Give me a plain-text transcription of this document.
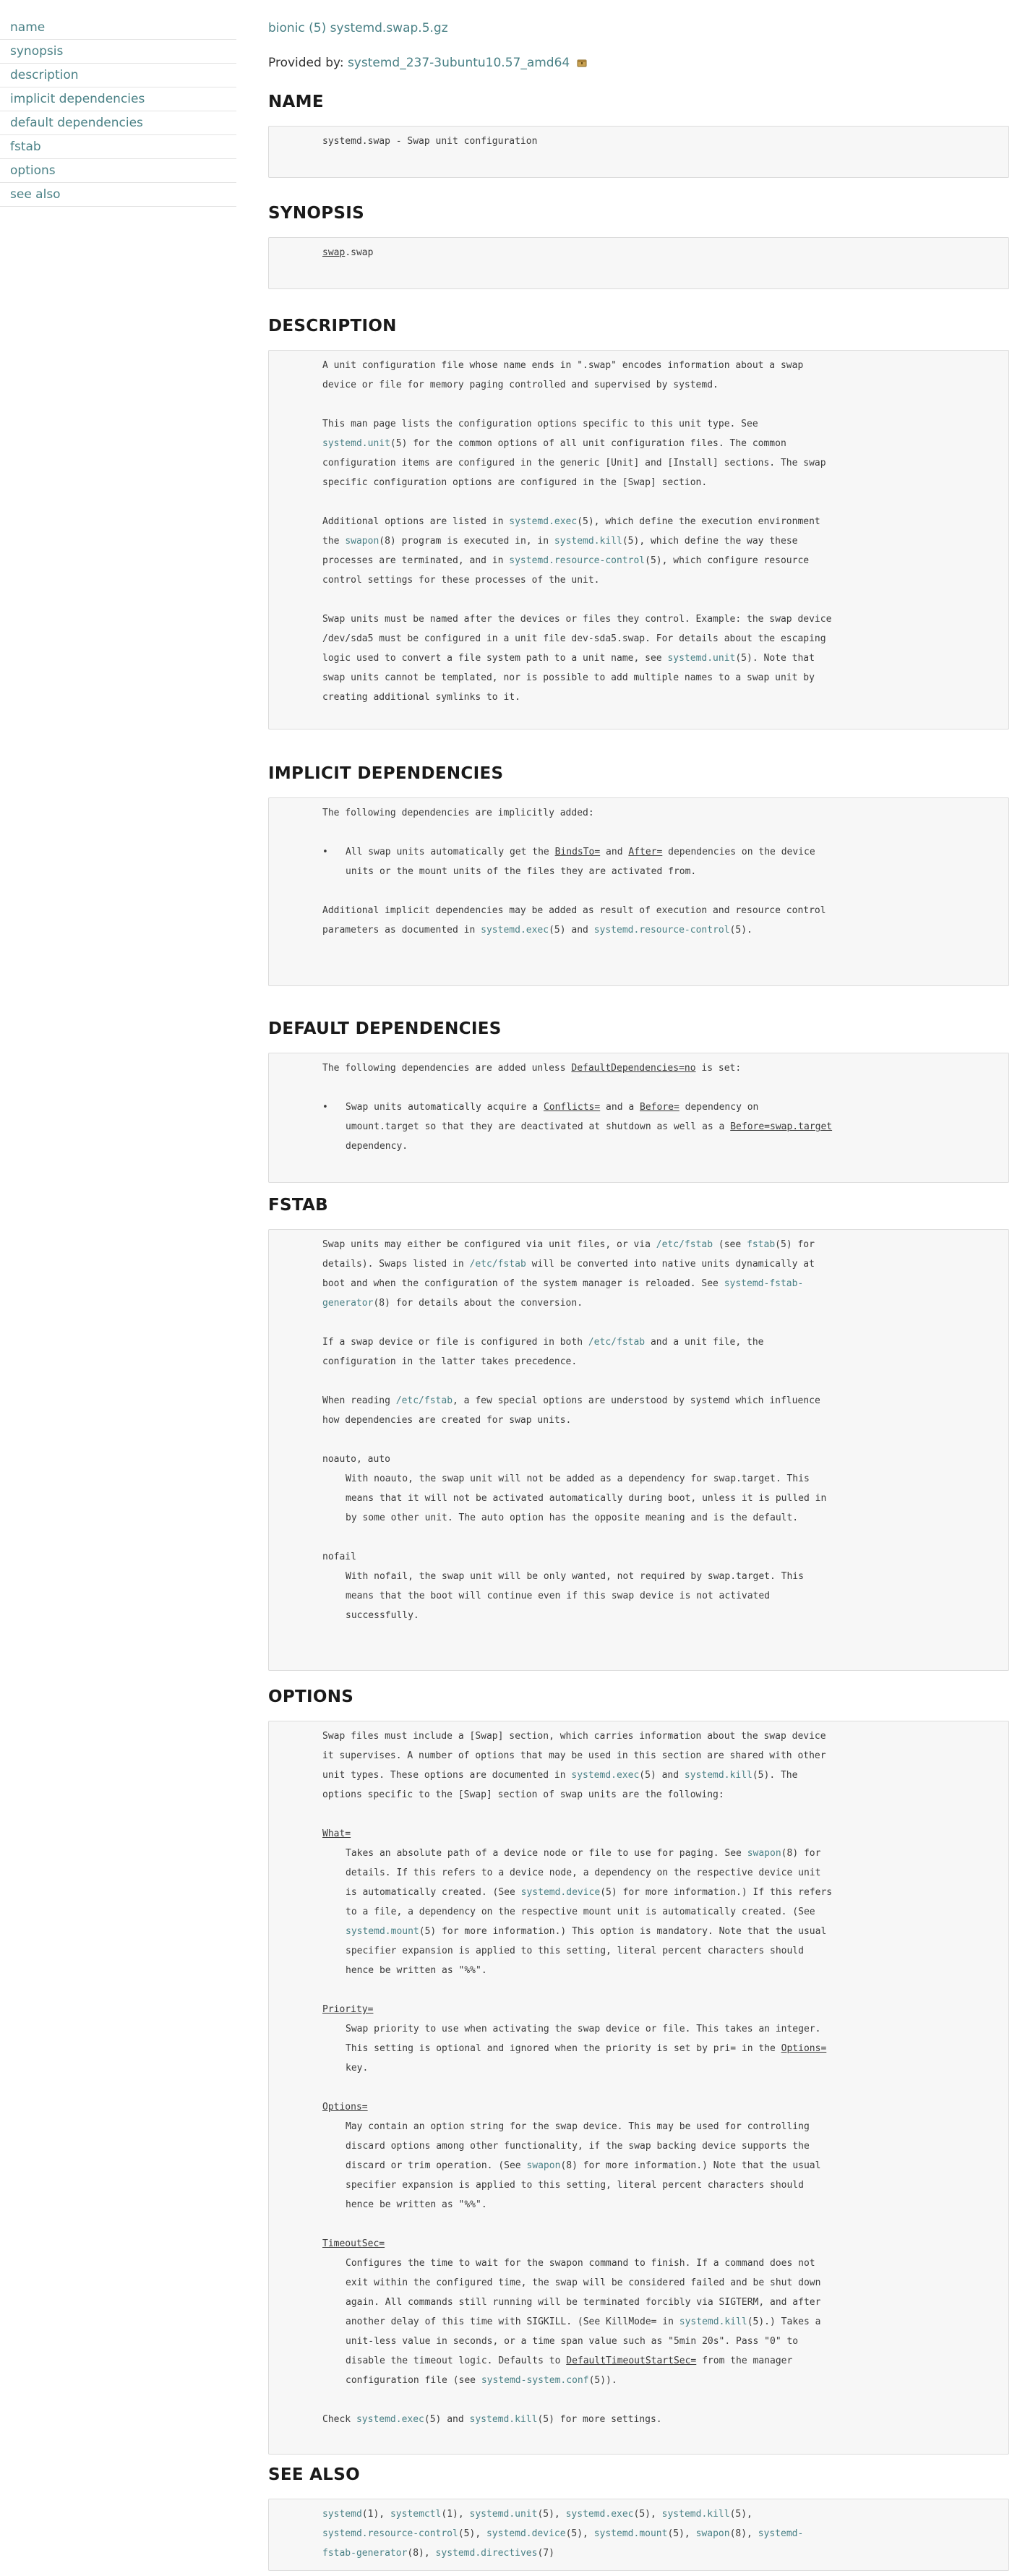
name
synopsis
description
implicit dependencies
default dependencies
fstab
options
see also
bionic (5) systemd.swap.5.gz
Provided by: systemd_237-3ubuntu10.57_amd64
NAME
systemd.swap - Swap unit configuration
SYNOPSIS
swap.swap
DESCRIPTION
A unit configuration file whose name ends in ".swap" encodes information about a swap
device or file for memory paging controlled and supervised by systemd.
This man page lists the configuration options specific to this unit type. See
systemd.unit(5) for the common options of all unit configuration files. The common
configuration items are configured in the generic [Unit] and [Install] sections. The swap
specific configuration options are configured in the [Swap] section.
Additional options are listed in systemd.exec(5), which define the execution environment
the swapon(8) program is executed in, in systemd.kill(5), which define the way these
processes are terminated, and in systemd.resource-control(5), which configure resource
control settings for these processes of the unit.
Swap units must be named after the devices or files they control. Example: the swap device
/dev/sda5 must be configured in a unit file dev-sda5.swap. For details about the escaping
logic used to convert a file system path to a unit name, see systemd.unit(5). Note that
swap units cannot be templated, nor is possible to add multiple names to a swap unit by
creating additional symlinks to it.
IMPLICIT DEPENDENCIES
The following dependencies are implicitly added:
• All swap units automatically get the BindsTo= and After= dependencies on the device
units or the mount units of the files they are activated from.
Additional implicit dependencies may be added as result of execution and resource control
parameters as documented in systemd.exec(5) and systemd.resource-control(5).
DEFAULT DEPENDENCIES
The following dependencies are added unless DefaultDependencies=no is set:
• Swap units automatically acquire a Conflicts= and a Before= dependency on
umount.target so that they are deactivated at shutdown as well as a Before=swap.target
dependency.
FSTAB
Swap units may either be configured via unit files, or via /etc/fstab (see fstab(5) for
details). Swaps listed in /etc/fstab will be converted into native units dynamically at
boot and when the configuration of the system manager is reloaded. See systemd-fstab-
generator(8) for details about the conversion.
If a swap device or file is configured in both /etc/fstab and a unit file, the
configuration in the latter takes precedence.
When reading /etc/fstab, a few special options are understood by systemd which influence
how dependencies are created for swap units.
noauto, auto
With noauto, the swap unit will not be added as a dependency for swap.target. This
means that it will not be activated automatically during boot, unless it is pulled in
by some other unit. The auto option has the opposite meaning and is the default.
nofail
With nofail, the swap unit will be only wanted, not required by swap.target. This
means that the boot will continue even if this swap device is not activated
successfully.
OPTIONS
Swap files must include a [Swap] section, which carries information about the swap device
it supervises. A number of options that may be used in this section are shared with other
unit types. These options are documented in systemd.exec(5) and systemd.kill(5). The
options specific to the [Swap] section of swap units are the following:
What=
Takes an absolute path of a device node or file to use for paging. See swapon(8) for
details. If this refers to a device node, a dependency on the respective device unit
is automatically created. (See systemd.device(5) for more information.) If this refers
to a file, a dependency on the respective mount unit is automatically created. (See
systemd.mount(5) for more information.) This option is mandatory. Note that the usual
specifier expansion is applied to this setting, literal percent characters should
hence be written as "%%".
Priority=
Swap priority to use when activating the swap device or file. This takes an integer.
This setting is optional and ignored when the priority is set by pri= in the Options=
key.
Options=
May contain an option string for the swap device. This may be used for controlling
discard options among other functionality, if the swap backing device supports the
discard or trim operation. (See swapon(8) for more information.) Note that the usual
specifier expansion is applied to this setting, literal percent characters should
hence be written as "%%".
TimeoutSec=
Configures the time to wait for the swapon command to finish. If a command does not
exit within the configured time, the swap will be considered failed and be shut down
again. All commands still running will be terminated forcibly via SIGTERM, and after
another delay of this time with SIGKILL. (See KillMode= in systemd.kill(5).) Takes a
unit-less value in seconds, or a time span value such as "5min 20s". Pass "0" to
disable the timeout logic. Defaults to DefaultTimeoutStartSec= from the manager
configuration file (see systemd-system.conf(5)).
Check systemd.exec(5) and systemd.kill(5) for more settings.
SEE ALSO
systemd(1), systemctl(1), systemd.unit(5), systemd.exec(5), systemd.kill(5),
systemd.resource-control(5), systemd.device(5), systemd.mount(5), swapon(8), systemd-
fstab-generator(8), systemd.directives(7)
